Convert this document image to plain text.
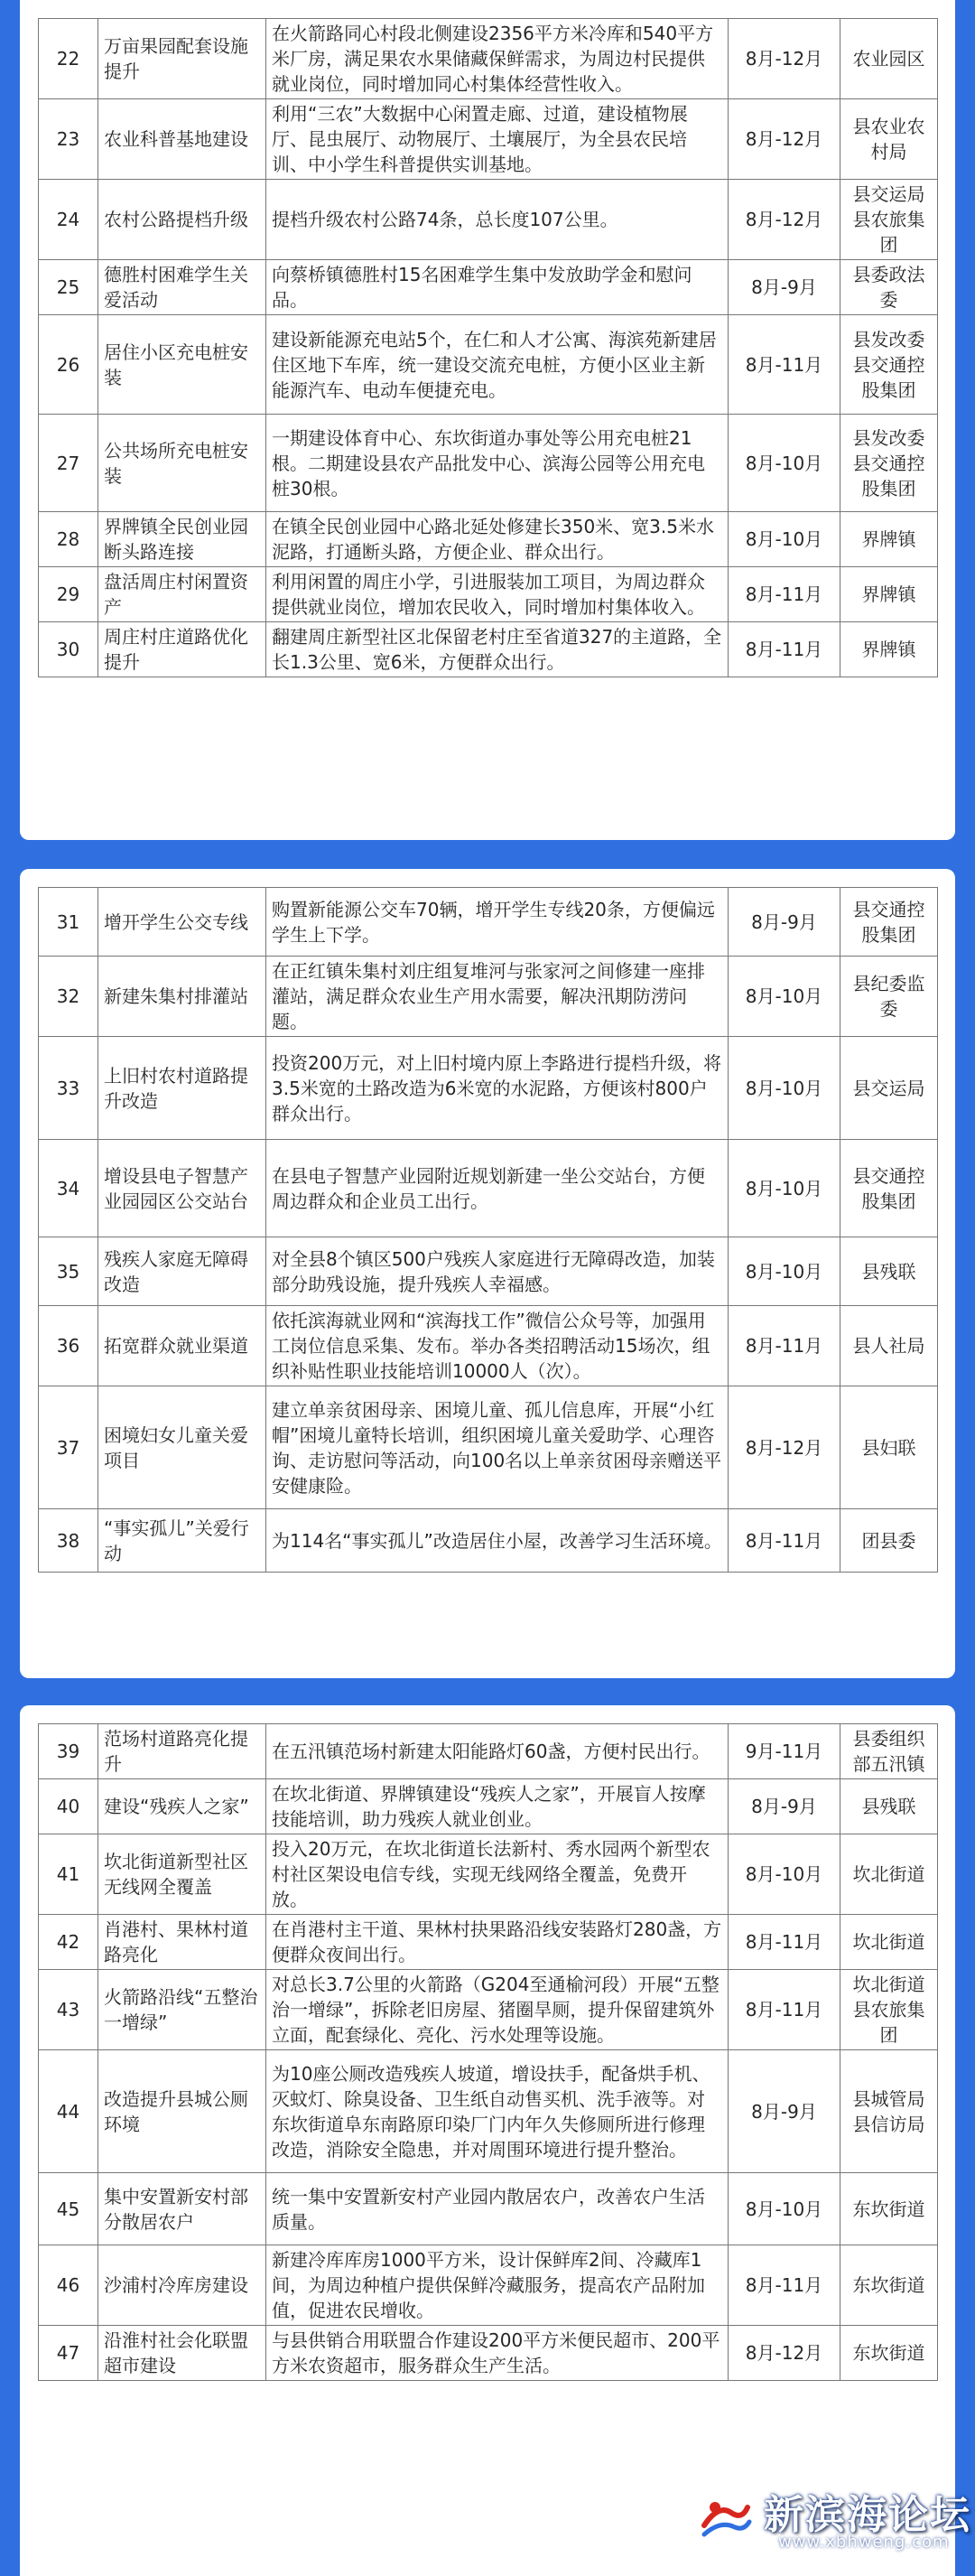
22	万亩果园配套设施提升	在火箭路同心村段北侧建设2356平方米冷库和540平方米厂房，满足果农水果储藏保鲜需求，为周边村民提供就业岗位，同时增加同心村集体经营性收入。	8月-12月	农业园区
23	农业科普基地建设	利用“三农”大数据中心闲置走廊、过道，建设植物展厅、昆虫展厅、动物展厅、土壤展厅，为全县农民培训、中小学生科普提供实训基地。	8月-12月	县农业农村局
24	农村公路提档升级	提档升级农村公路74条，总长度107公里。	8月-12月	县交运局县农旅集团
25	德胜村困难学生关爱活动	向蔡桥镇德胜村15名困难学生集中发放助学金和慰问品。	8月-9月	县委政法委
26	居住小区充电桩安装	建设新能源充电站5个，在仁和人才公寓、海滨苑新建居住区地下车库，统一建设交流充电桩，方便小区业主新能源汽车、电动车便捷充电。	8月-11月	县发改委县交通控股集团
27	公共场所充电桩安装	一期建设体育中心、东坎街道办事处等公用充电桩21根。二期建设县农产品批发中心、滨海公园等公用充电桩30根。	8月-10月	县发改委县交通控股集团
28	界牌镇全民创业园断头路连接	在镇全民创业园中心路北延处修建长350米、宽3.5米水泥路，打通断头路，方便企业、群众出行。	8月-10月	界牌镇
29	盘活周庄村闲置资产	利用闲置的周庄小学，引进服装加工项目，为周边群众提供就业岗位，增加农民收入，同时增加村集体收入。	8月-11月	界牌镇
30	周庄村庄道路优化提升	翻建周庄新型社区北保留老村庄至省道327的主道路，全长1.3公里、宽6米，方便群众出行。	8月-11月	界牌镇
31	增开学生公交专线	购置新能源公交车70辆，增开学生专线20条，方便偏远学生上下学。	8月-9月	县交通控股集团
32	新建朱集村排灌站	在正红镇朱集村刘庄组复堆河与张家河之间修建一座排灌站，满足群众农业生产用水需要，解决汛期防涝问题。	8月-10月	县纪委监委
33	上旧村农村道路提升改造	投资200万元，对上旧村境内原上李路进行提档升级，将3.5米宽的土路改造为6米宽的水泥路，方便该村800户群众出行。	8月-10月	县交运局
34	增设县电子智慧产业园园区公交站台	在县电子智慧产业园附近规划新建一坐公交站台，方便周边群众和企业员工出行。	8月-10月	县交通控股集团
35	残疾人家庭无障碍改造	对全县8个镇区500户残疾人家庭进行无障碍改造，加装部分助残设施，提升残疾人幸福感。	8月-10月	县残联
36	拓宽群众就业渠道	依托滨海就业网和“滨海找工作”微信公众号等，加强用工岗位信息采集、发布。举办各类招聘活动15场次，组织补贴性职业技能培训10000人（次）。	8月-11月	县人社局
37	困境妇女儿童关爱项目	建立单亲贫困母亲、困境儿童、孤儿信息库，开展“小红帽”困境儿童特长培训，组织困境儿童关爱助学、心理咨询、走访慰问等活动，向100名以上单亲贫困母亲赠送平安健康险。	8月-12月	县妇联
38	“事实孤儿”关爱行动	为114名“事实孤儿”改造居住小屋，改善学习生活环境。	8月-11月	团县委
39	范场村道路亮化提升	在五汛镇范场村新建太阳能路灯60盏，方便村民出行。	9月-11月	县委组织部五汛镇
40	建设“残疾人之家”	在坎北街道、界牌镇建设“残疾人之家”，开展盲人按摩技能培训，助力残疾人就业创业。	8月-9月	县残联
41	坎北街道新型社区无线网全覆盖	投入20万元，在坎北街道长法新村、秀水园两个新型农村社区架设电信专线，实现无线网络全覆盖，免费开放。	8月-10月	坎北街道
42	肖港村、果林村道路亮化	在肖港村主干道、果林村抉果路沿线安装路灯280盏，方便群众夜间出行。	8月-11月	坎北街道
43	火箭路沿线“五整治一增绿”	对总长3.7公里的火箭路（G204至通榆河段）开展“五整治一增绿”，拆除老旧房屋、猪圈旱厕，提升保留建筑外立面，配套绿化、亮化、污水处理等设施。	8月-11月	坎北街道县农旅集团
44	改造提升县城公厕环境	为10座公厕改造残疾人坡道，增设扶手，配备烘手机、灭蚊灯、除臭设备、卫生纸自动售买机、洗手液等。对东坎街道阜东南路原印染厂门内年久失修厕所进行修理改造，消除安全隐患，并对周围环境进行提升整治。	8月-9月	县城管局县信访局
45	集中安置新安村部分散居农户	统一集中安置新安村产业园内散居农户，改善农户生活质量。	8月-10月	东坎街道
46	沙浦村冷库房建设	新建冷库库房1000平方米，设计保鲜库2间、冷藏库1间，为周边种植户提供保鲜冷藏服务，提高农产品附加值，促进农民增收。	8月-11月	东坎街道
47	沿淮村社会化联盟超市建设	与县供销合用联盟合作建设200平方米便民超市、200平方米农资超市，服务群众生产生活。	8月-12月	东坎街道
新滨海论坛
www.xbhweng.com
